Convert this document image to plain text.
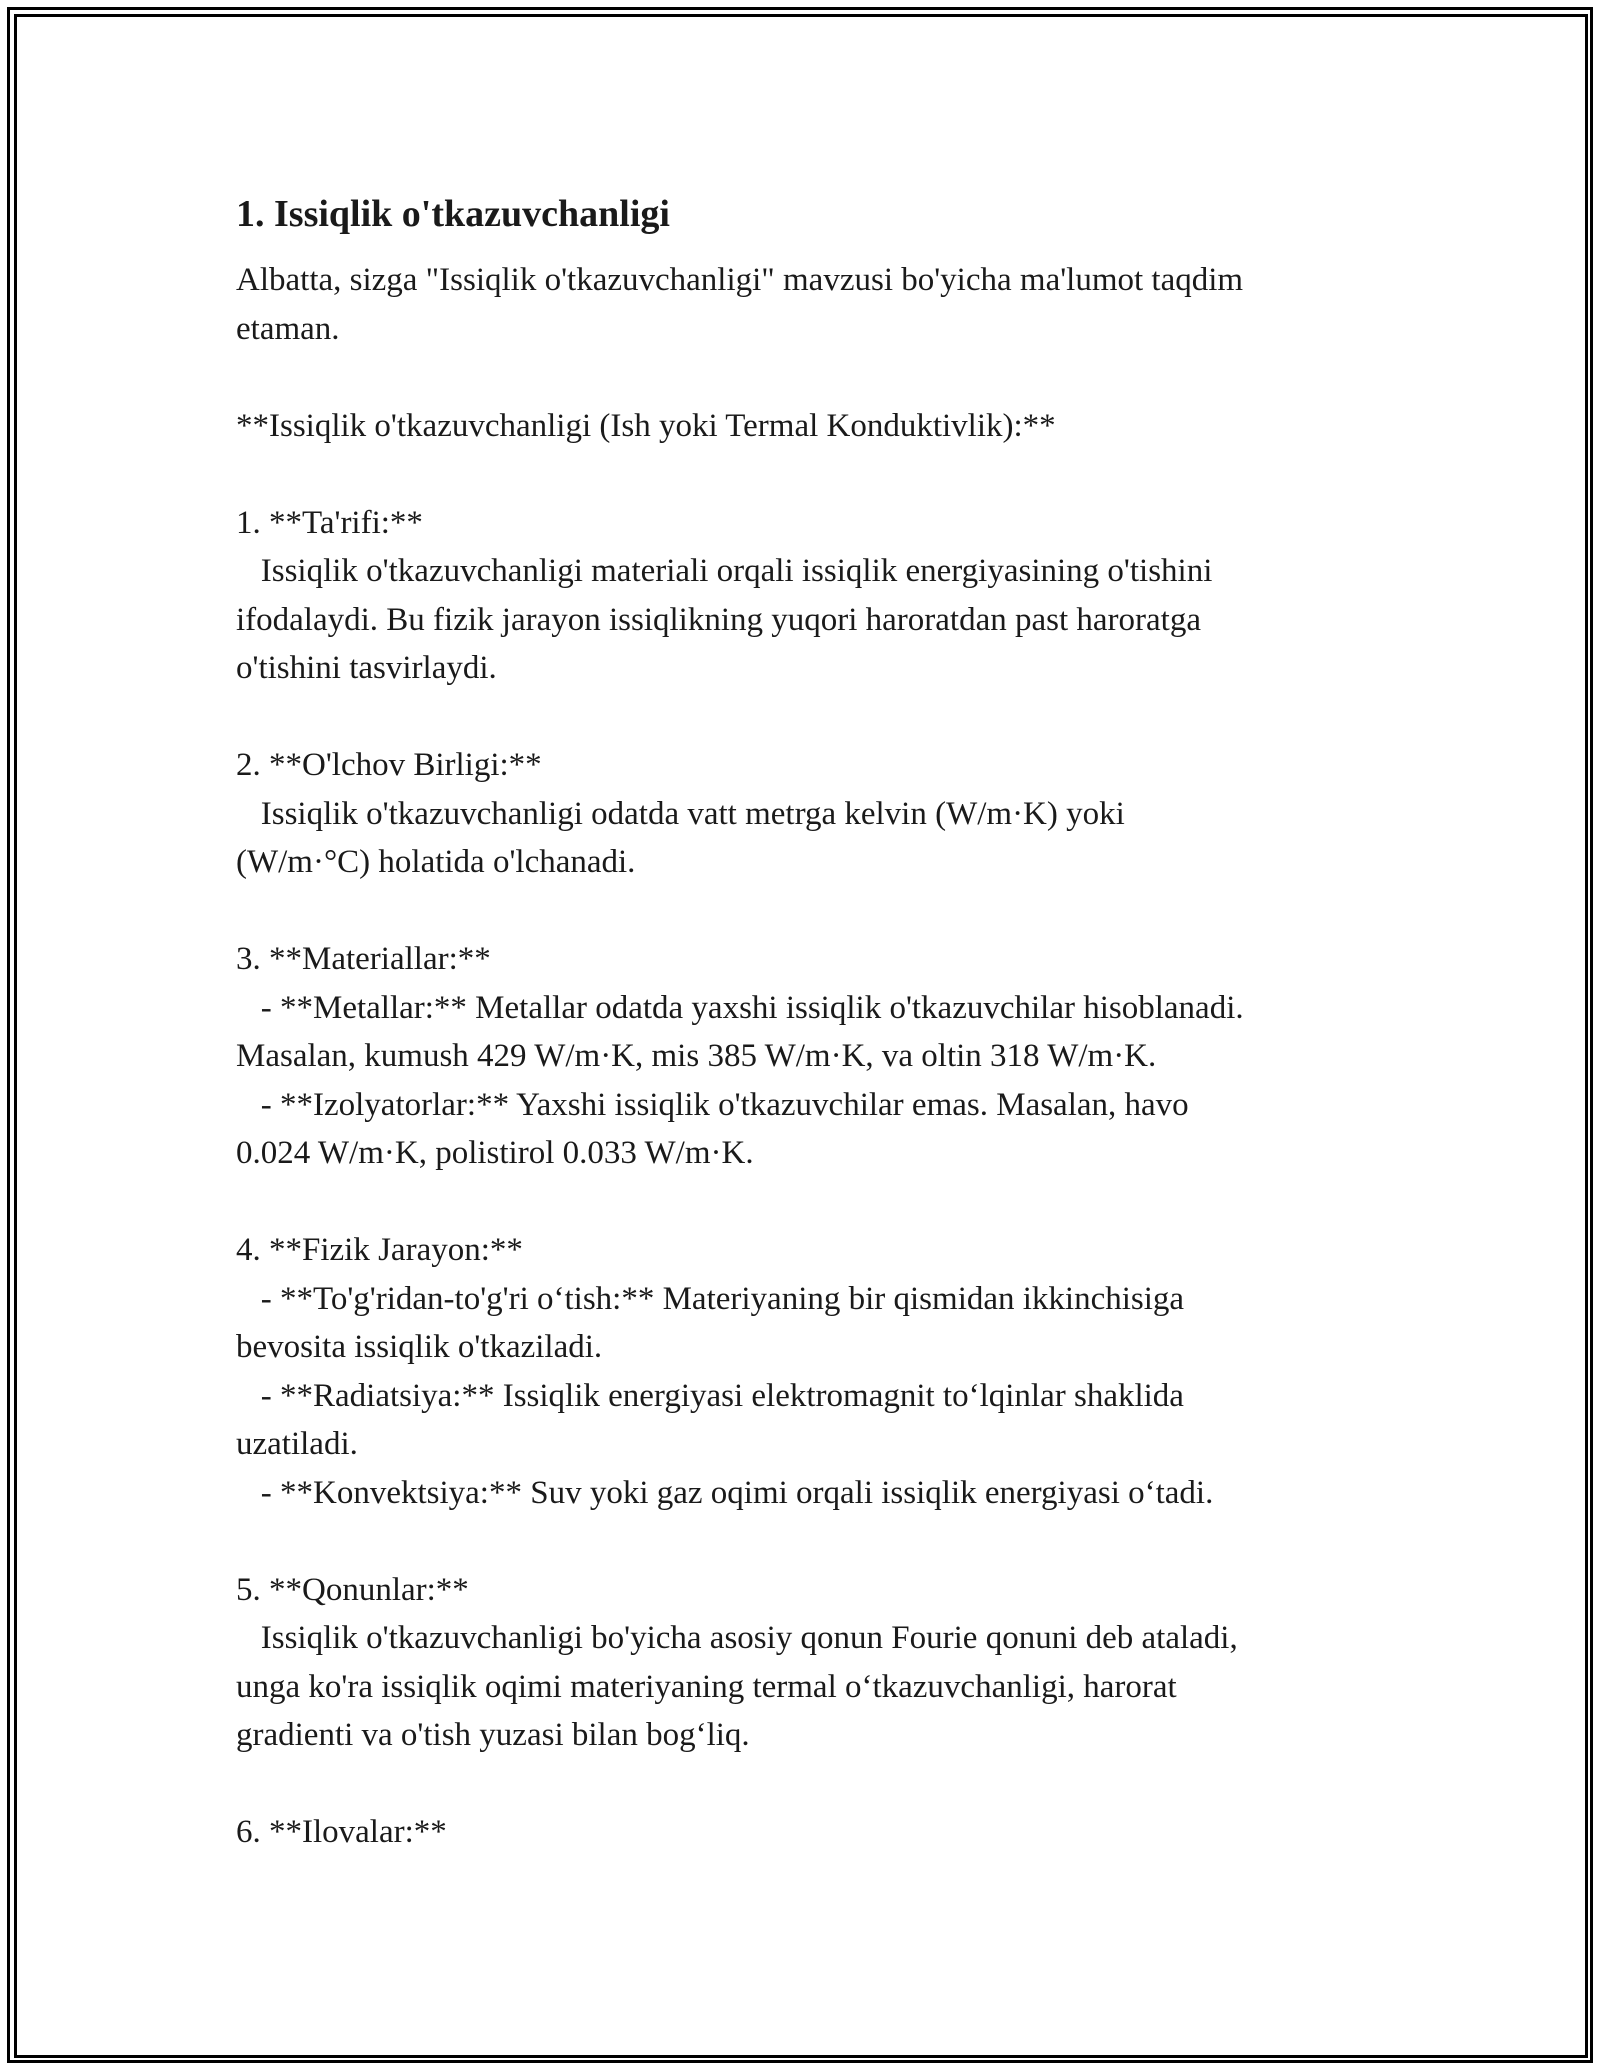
1. Issiqlik o'tkazuvchanligi

Albatta, sizga "Issiqlik o'tkazuvchanligi" mavzusi bo'yicha ma'lumot taqdim

etaman.

**Issiqlik o'tkazuvchanligi (Ish yoki Termal Konduktivlik):**

1. **Ta'rifi:**

Issiqlik o'tkazuvchanligi materiali orqali issiqlik energiyasining o'tishini

ifodalaydi. Bu fizik jarayon issiqlikning yuqori haroratdan past haroratga

o'tishini tasvirlaydi.

2. **O'lchov Birligi:**

Issiqlik o'tkazuvchanligi odatda vatt metrga kelvin (W/m·K) yoki

(W/m·°C) holatida o'lchanadi.

3. **Materiallar:**

- **Metallar:** Metallar odatda yaxshi issiqlik o'tkazuvchilar hisoblanadi.

Masalan, kumush 429 W/m·K, mis 385 W/m·K, va oltin 318 W/m·K.

- **Izolyatorlar:** Yaxshi issiqlik o'tkazuvchilar emas. Masalan, havo

0.024 W/m·K, polistirol 0.033 W/m·K.

4. **Fizik Jarayon:**

- **To'g'ridan-to'g'ri o‘tish:** Materiyaning bir qismidan ikkinchisiga

bevosita issiqlik o'tkaziladi.

- **Radiatsiya:** Issiqlik energiyasi elektromagnit to‘lqinlar shaklida

uzatiladi.

- **Konvektsiya:** Suv yoki gaz oqimi orqali issiqlik energiyasi o‘tadi.

5. **Qonunlar:**

Issiqlik o'tkazuvchanligi bo'yicha asosiy qonun Fourie qonuni deb ataladi,

unga ko'ra issiqlik oqimi materiyaning termal o‘tkazuvchanligi, harorat

gradienti va o'tish yuzasi bilan bog‘liq.

6. **Ilovalar:**
